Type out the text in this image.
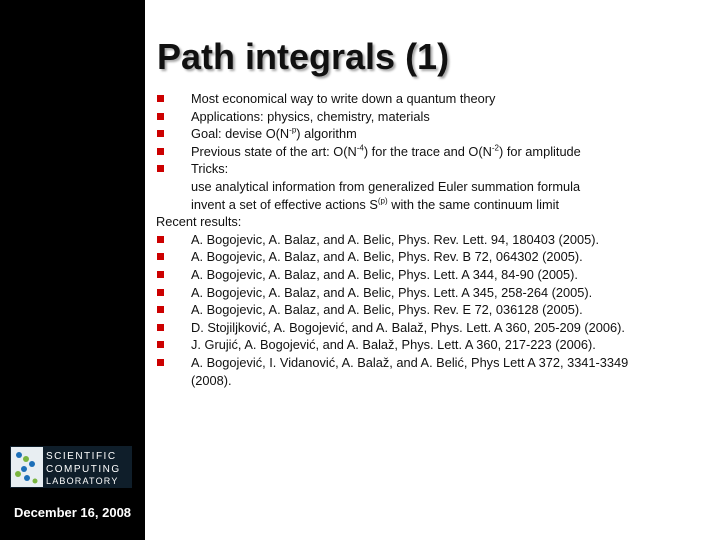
SCIENTIFIC
COMPUTING
LABORATORY
December 16, 2008
Path integrals (1)
Most economical way to write down a quantum theory
Applications: physics, chemistry, materials
Goal: devise $O(N^{-p})$ algorithm
Previous state of the art: $O(N^{-4})$ for the trace and $O(N^{-2})$ for amplitude
Tricks:
use analytical information from generalized Euler summation formula
invent a set of effective actions $S^{(p)}$ with the same continuum limit
Recent results:
A. Bogojevic, A. Balaz, and A. Belic, Phys. Rev. Lett. 94, 180403 (2005).
A. Bogojevic, A. Balaz, and A. Belic, Phys. Rev. B 72, 064302 (2005).
A. Bogojevic, A. Balaz, and A. Belic, Phys. Lett. A 344, 84-90 (2005).
A. Bogojevic, A. Balaz, and A. Belic, Phys. Lett. A 345, 258-264 (2005).
A. Bogojevic, A. Balaz, and A. Belic, Phys. Rev. E 72, 036128 (2005).
D. Stojiljković, A. Bogojević, and A. Balaž, Phys. Lett. A 360, 205-209 (2006).
J. Grujić, A. Bogojević, and A. Balaž, Phys. Lett. A 360, 217-223 (2006).
A. Bogojević, I. Vidanović, A. Balaž, and A. Belić, Phys Lett A 372, 3341-3349
(2008).
